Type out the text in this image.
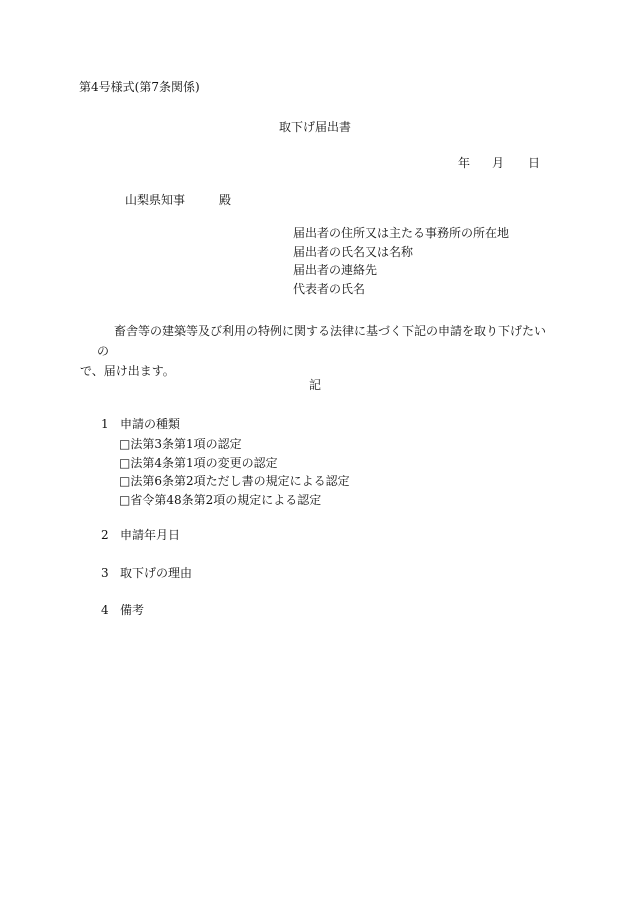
第4号様式(第7条関係)
取下げ届出書
年 月 日
山梨県知事	殿
届出者の住所又は主たる事務所の所在地
届出者の氏名又は名称
届出者の連絡先
代表者の氏名
畜舎等の建築等及び利用の特例に関する法律に基づく下記の申請を取り下げたいの
で、届け出ます。
記
1 申請の種類
□法第3条第1項の認定
□法第4条第1項の変更の認定
□法第6条第2項ただし書の規定による認定
□省令第48条第2項の規定による認定
2 申請年月日
3 取下げの理由
4 備考
